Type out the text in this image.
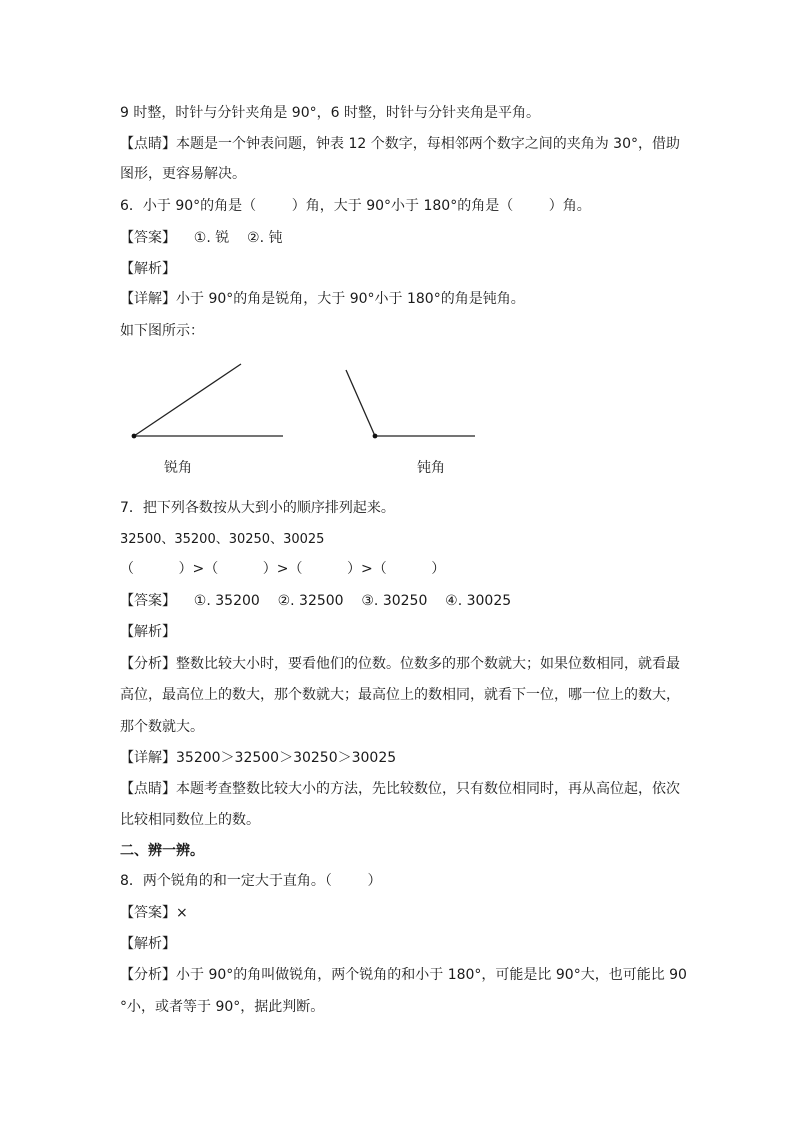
9 时整，时针与分针夹角是 90°，6 时整，时针与分针夹角是平角。
【点睛】本题是一个钟表问题，钟表 12 个数字，每相邻两个数字之间的夹角为 30°，借助
图形，更容易解决。
6．小于 90°的角是（        ）角，大于 90°小于 180°的角是（        ）角。
【答案】    ①. 锐    ②. 钝
【解析】
【详解】小于 90°的角是锐角，大于 90°小于 180°的角是钝角。
如下图所示：
锐角	钝角
7．把下列各数按从大到小的顺序排列起来。
32500、35200、30250、30025
（          ）>（          ）>（          ）>（          ）
【答案】    ①. 35200    ②. 32500    ③. 30250    ④. 30025
【解析】
【分析】整数比较大小时，要看他们的位数。位数多的那个数就大；如果位数相同，就看最
高位，最高位上的数大，那个数就大；最高位上的数相同，就看下一位，哪一位上的数大，
那个数就大。
【详解】35200＞32500＞30250＞30025
【点睛】本题考查整数比较大小的方法，先比较数位，只有数位相同时，再从高位起，依次
比较相同数位上的数。
二、辨一辨。
8．两个锐角的和一定大于直角。（        ）
【答案】×
【解析】
【分析】小于 90°的角叫做锐角，两个锐角的和小于 180°，可能是比 90°大，也可能比 90
°小，或者等于 90°，据此判断。
